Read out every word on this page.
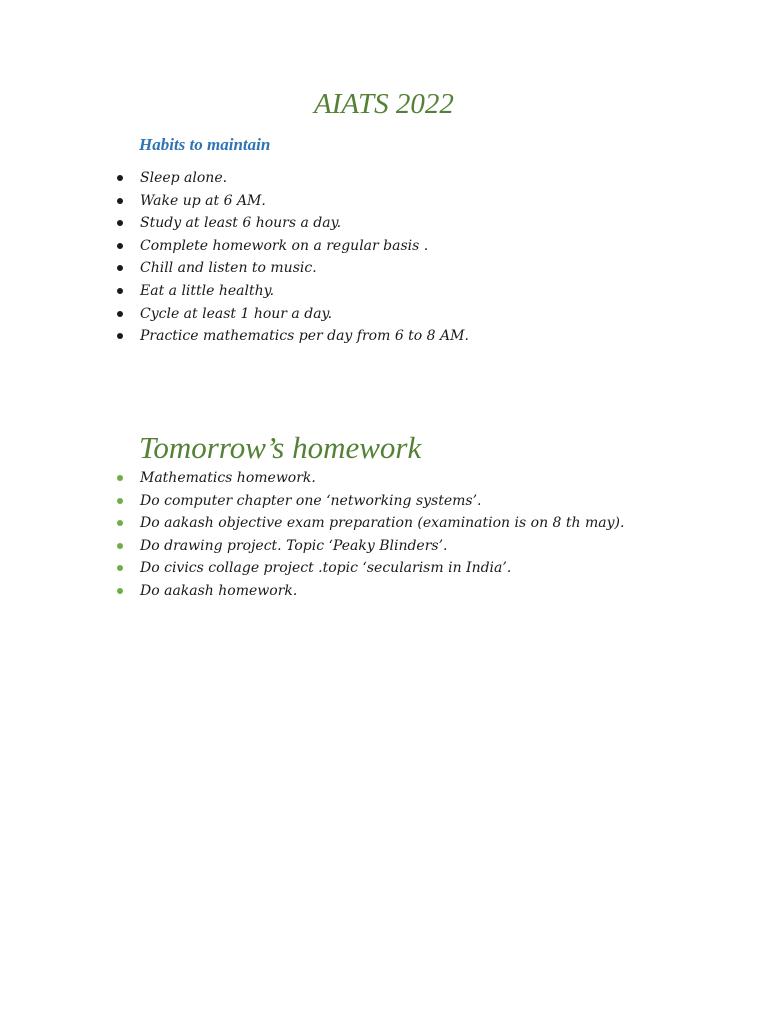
AIATS 2022
Habits to maintain
Sleep alone.
Wake up at 6 AM.
Study at least 6 hours a day.
Complete homework on a regular basis .
Chill and listen to music.
Eat a little healthy.
Cycle at least 1 hour a day.
Practice mathematics per day from 6 to 8 AM.
Tomorrow’s homework
Mathematics homework.
Do computer chapter one ‘networking systems’.
Do aakash objective exam preparation (examination is on 8 th may).
Do drawing project. Topic ‘Peaky Blinders’.
Do civics collage project .topic ‘secularism in India’.
Do aakash homework.
